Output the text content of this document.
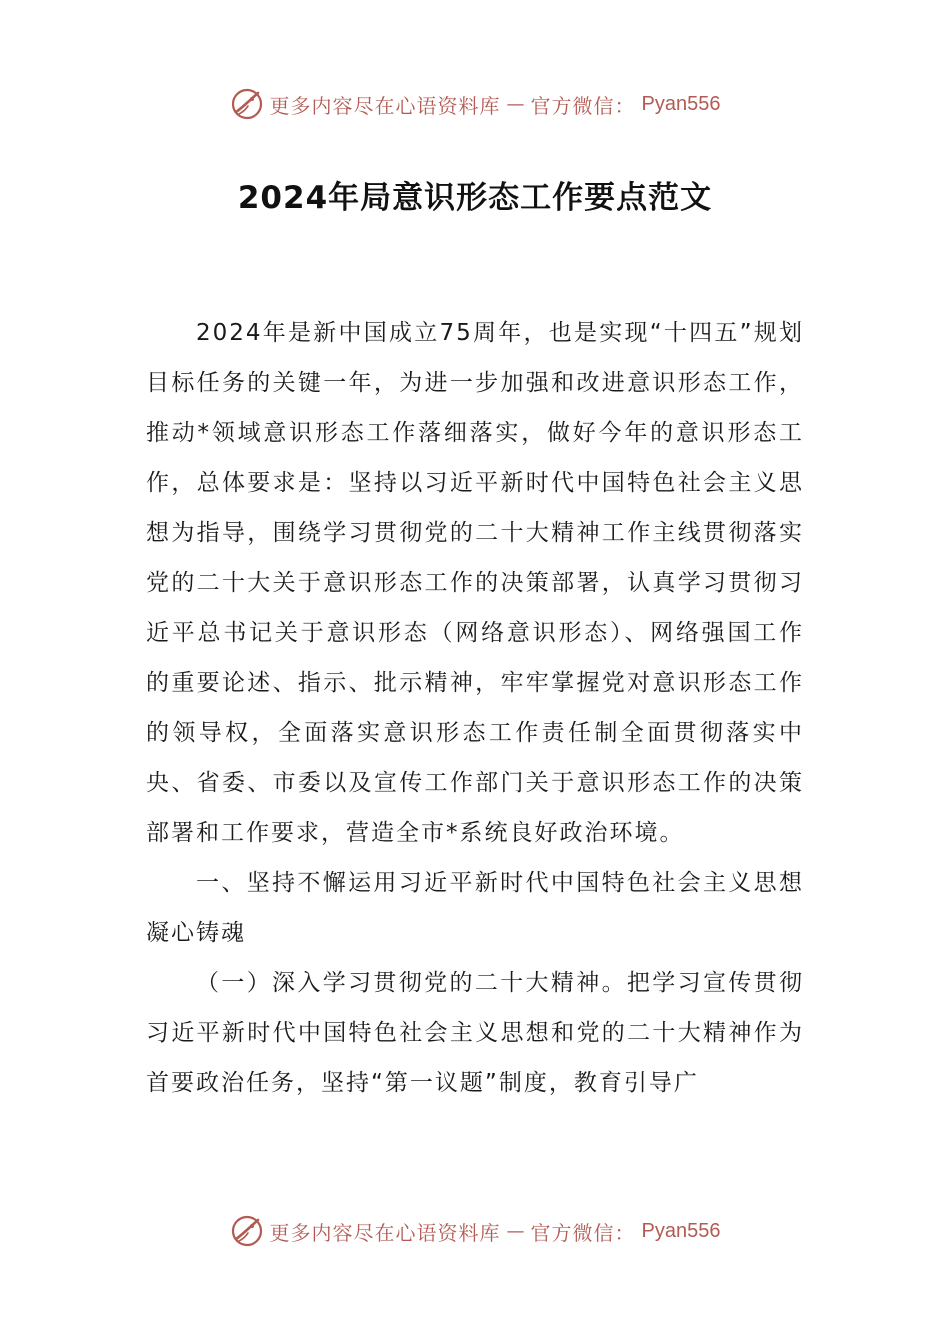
更多内容尽在心语资料库 — 官方微信： Pyan556
2024年局意识形态工作要点范文

2024年是新中国成立75周年，也是实现“十四五”规划目标任务的关键一年，为进一步加强和改进意识形态工作，推动*领域意识形态工作落细落实，做好今年的意识形态工作，总体要求是：坚持以习近平新时代中国特色社会主义思想为指导，围绕学习贯彻党的二十大精神工作主线贯彻落实党的二十大关于意识形态工作的决策部署，认真学习贯彻习近平总书记关于意识形态（网络意识形态）、网络强国工作的重要论述、指示、批示精神，牢牢掌握党对意识形态工作的领导权，全面落实意识形态工作责任制全面贯彻落实中央、省委、市委以及宣传工作部门关于意识形态工作的决策部署和工作要求，营造全市*系统良好政治环境。

一、坚持不懈运用习近平新时代中国特色社会主义思想凝心铸魂

（一）深入学习贯彻党的二十大精神。把学习宣传贯彻习近平新时代中国特色社会主义思想和党的二十大精神作为首要政治任务，坚持“第一议题”制度，教育引导广

更多内容尽在心语资料库 — 官方微信： Pyan556
